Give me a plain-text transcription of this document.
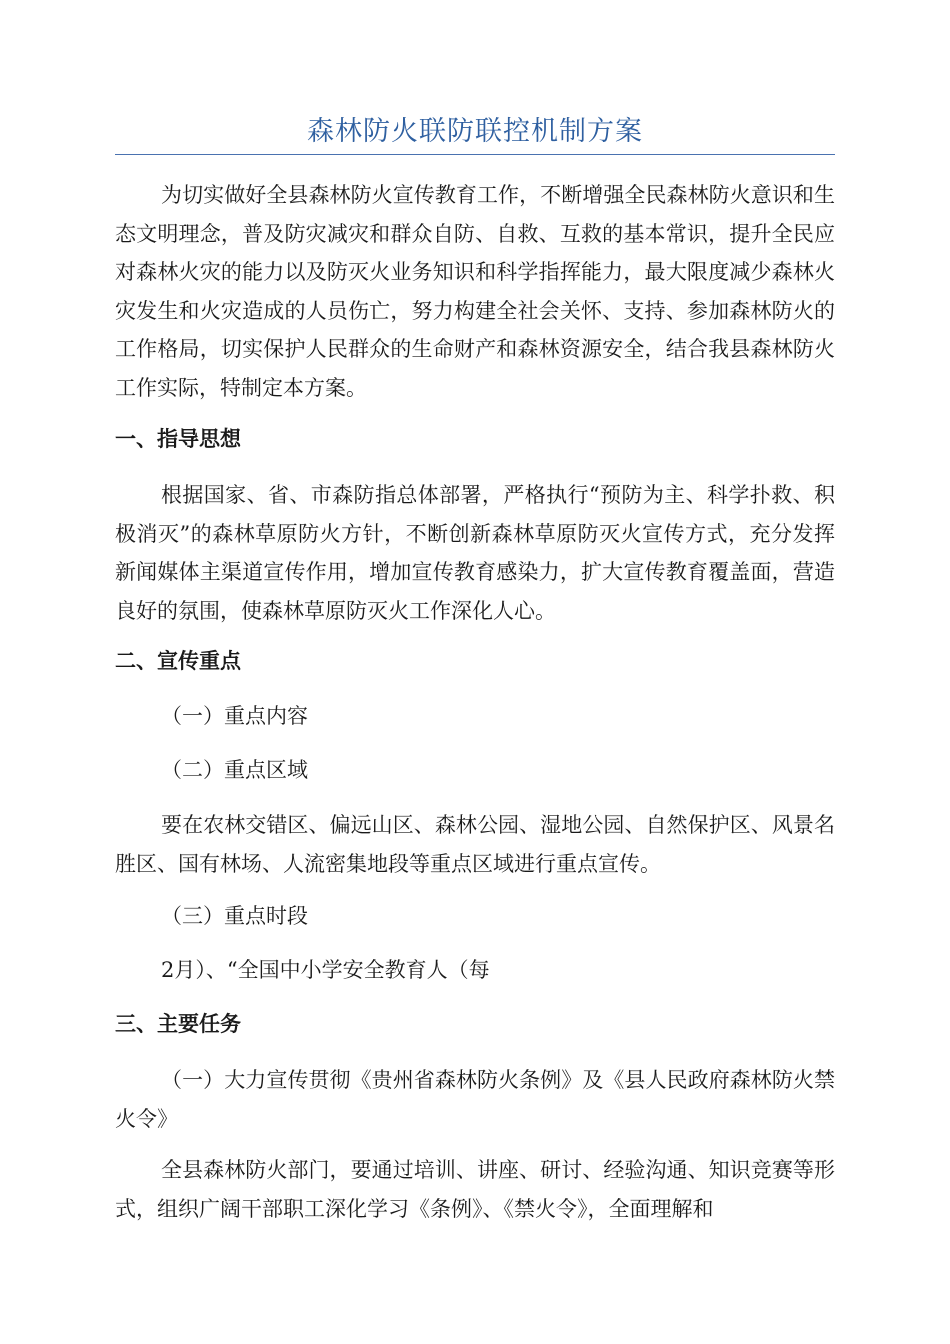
森林防火联防联控机制方案

为切实做好全县森林防火宣传教育工作，不断增强全民森林防火意识和生态文明理念，普及防灾减灾和群众自防、自救、互救的基本常识，提升全民应对森林火灾的能力以及防灭火业务知识和科学指挥能力，最大限度减少森林火灾发生和火灾造成的人员伤亡，努力构建全社会关怀、支持、参加森林防火的工作格局，切实保护人民群众的生命财产和森林资源安全，结合我县森林防火工作实际，特制定本方案。

一、指导思想

根据国家、省、市森防指总体部署，严格执行“预防为主、科学扑救、积极消灭”的森林草原防火方针，不断创新森林草原防灭火宣传方式，充分发挥新闻媒体主渠道宣传作用，增加宣传教育感染力，扩大宣传教育覆盖面，营造良好的氛围，使森林草原防灭火工作深化人心。

二、宣传重点

（一）重点内容

（二）重点区域

要在农林交错区、偏远山区、森林公园、湿地公园、自然保护区、风景名胜区、国有林场、人流密集地段等重点区域进行重点宣传。

（三）重点时段

2月）、“全国中小学安全教育人（每

三、主要任务

（一）大力宣传贯彻《贵州省森林防火条例》及《县人民政府森林防火禁火令》

全县森林防火部门，要通过培训、讲座、研讨、经验沟通、知识竞赛等形式，组织广阔干部职工深化学习《条例》、《禁火令》，全面理解和
